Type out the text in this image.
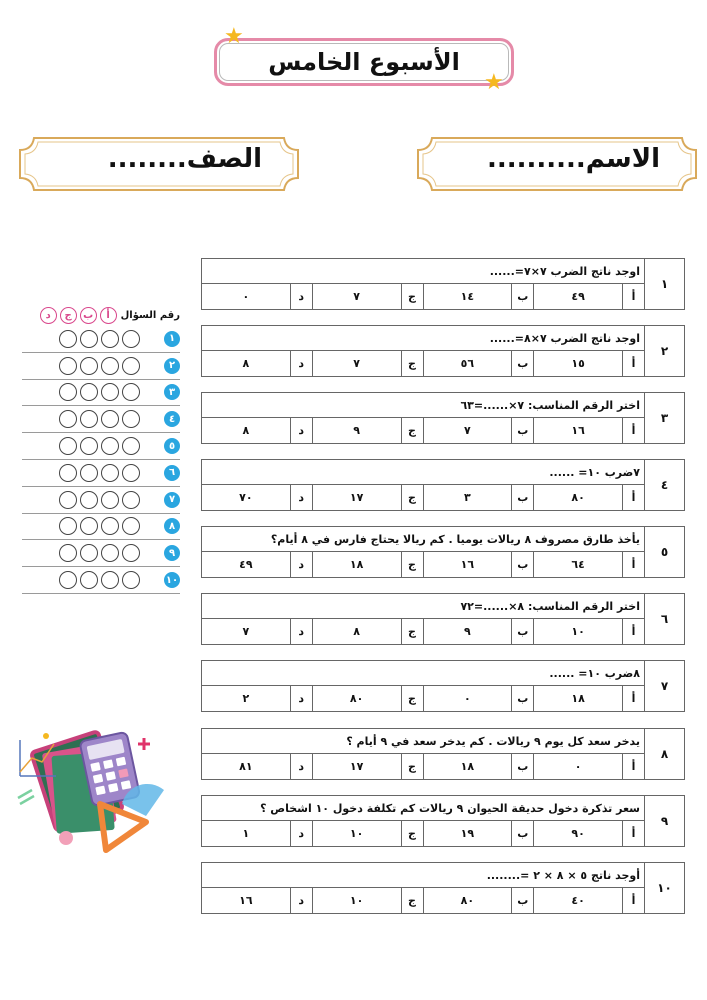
الأسبوع الخامس
★
★
الاسم..........
الصف........
رقم السؤال
أ
ب
ج
د
١
٢
٣
٤
٥
٦
٧
٨
٩
١٠
١
اوجد ناتج الضرب ٧×٧=......
أ
٤٩
ب
١٤
ج
٧
د
٠
٢
اوجد ناتج الضرب ٧×٨=......
أ
١٥
ب
٥٦
ج
٧
د
٨
٣
اختر الرقم المناسب: ٧×......=٦٣
أ
١٦
ب
٧
ج
٩
د
٨
٤
٧ضرب ١٠= ......
أ
٨٠
ب
٣
ج
١٧
د
٧٠
٥
يأخذ طارق مصروف ٨ ريالات يوميا . كم ريالا يحتاج فارس في ٨ أيام؟
أ
٦٤
ب
١٦
ج
١٨
د
٤٩
٦
اختر الرقم المناسب: ٨×......=٧٢
أ
١٠
ب
٩
ج
٨
د
٧
٧
٨ضرب ١٠= ......
أ
١٨
ب
٠
ج
٨٠
د
٢
٨
يدخر سعد كل يوم ٩ ريالات . كم يدخر سعد في ٩ أيام ؟
أ
٠
ب
١٨
ج
١٧
د
٨١
٩
سعر تذكرة دخول حديقة الحيوان ٩ ريالات كم تكلفة دخول ١٠ اشخاص ؟
أ
٩٠
ب
١٩
ج
١٠
د
١
١٠
أوجد ناتج ٥ × ٨ × ٢ =........
أ
٤٠
ب
٨٠
ج
١٠
د
١٦
